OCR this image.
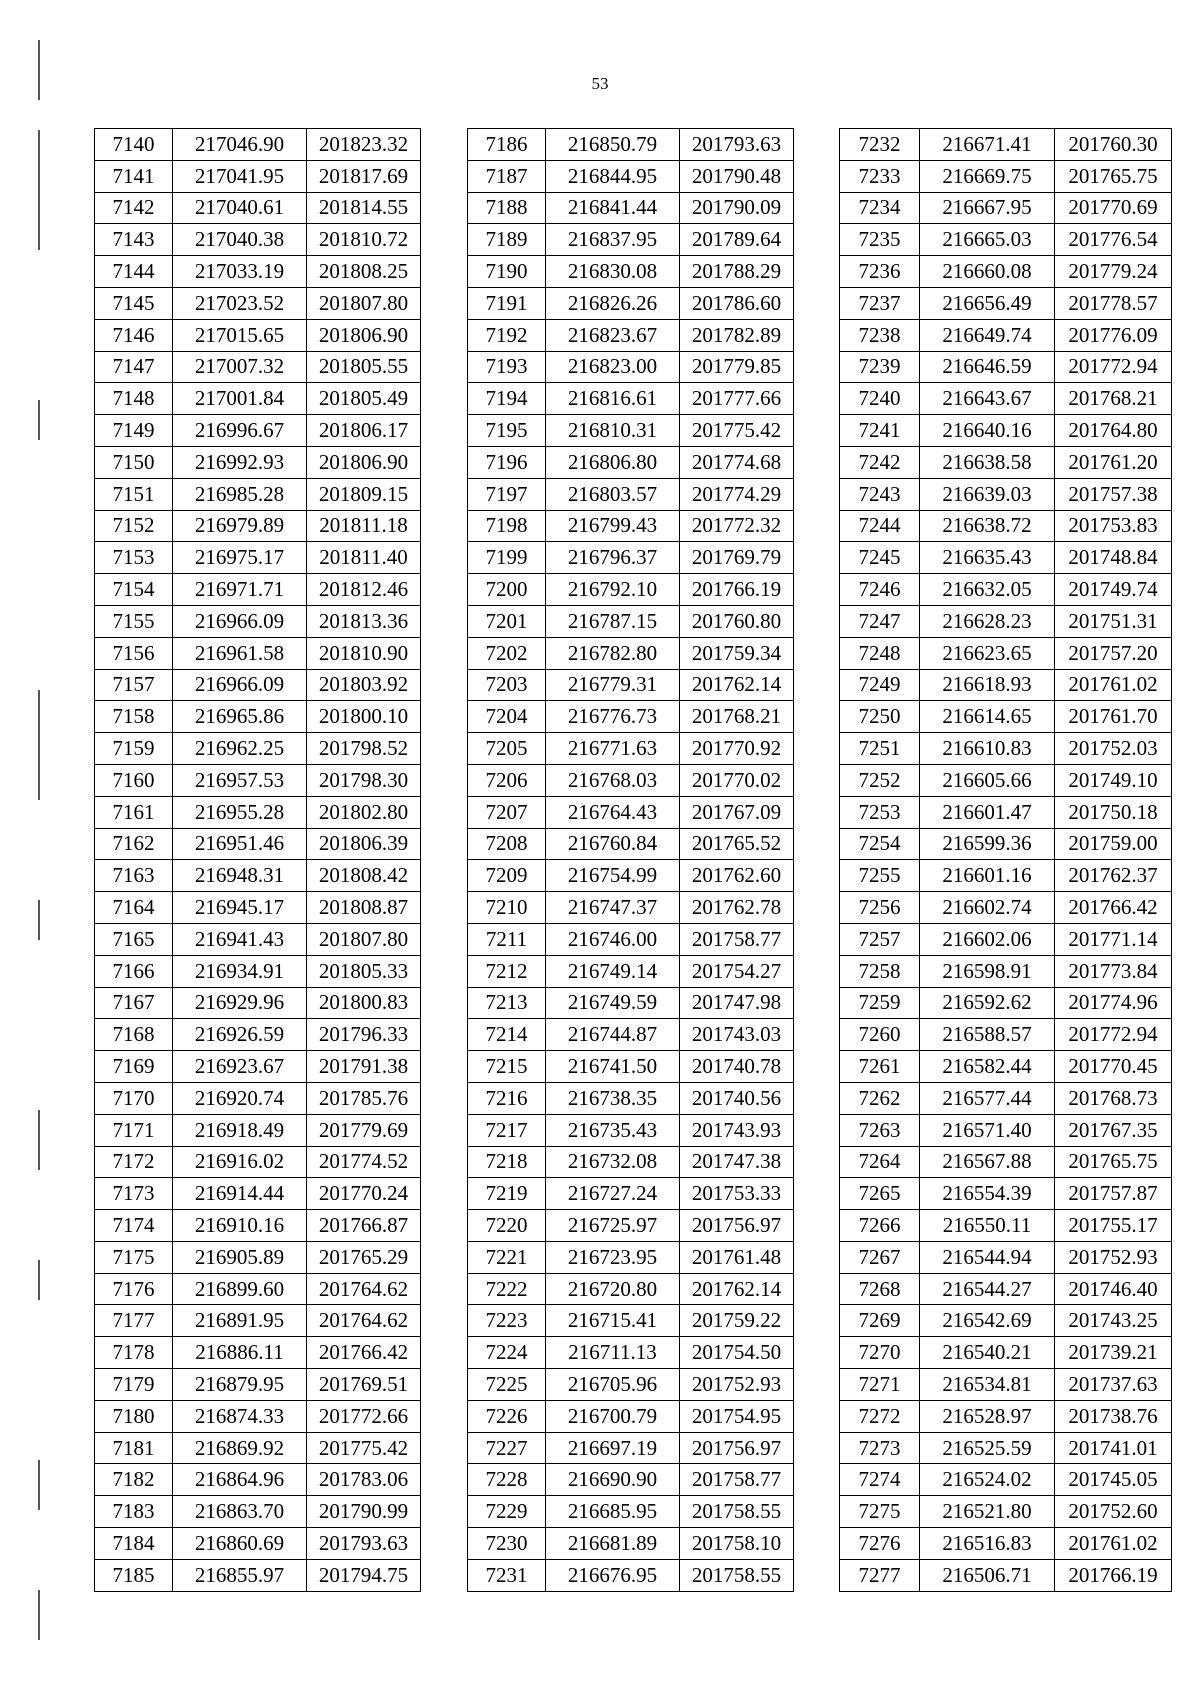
53
7140	217046.90	201823.32
7141	217041.95	201817.69
7142	217040.61	201814.55
7143	217040.38	201810.72
7144	217033.19	201808.25
7145	217023.52	201807.80
7146	217015.65	201806.90
7147	217007.32	201805.55
7148	217001.84	201805.49
7149	216996.67	201806.17
7150	216992.93	201806.90
7151	216985.28	201809.15
7152	216979.89	201811.18
7153	216975.17	201811.40
7154	216971.71	201812.46
7155	216966.09	201813.36
7156	216961.58	201810.90
7157	216966.09	201803.92
7158	216965.86	201800.10
7159	216962.25	201798.52
7160	216957.53	201798.30
7161	216955.28	201802.80
7162	216951.46	201806.39
7163	216948.31	201808.42
7164	216945.17	201808.87
7165	216941.43	201807.80
7166	216934.91	201805.33
7167	216929.96	201800.83
7168	216926.59	201796.33
7169	216923.67	201791.38
7170	216920.74	201785.76
7171	216918.49	201779.69
7172	216916.02	201774.52
7173	216914.44	201770.24
7174	216910.16	201766.87
7175	216905.89	201765.29
7176	216899.60	201764.62
7177	216891.95	201764.62
7178	216886.11	201766.42
7179	216879.95	201769.51
7180	216874.33	201772.66
7181	216869.92	201775.42
7182	216864.96	201783.06
7183	216863.70	201790.99
7184	216860.69	201793.63
7185	216855.97	201794.75
7186	216850.79	201793.63
7187	216844.95	201790.48
7188	216841.44	201790.09
7189	216837.95	201789.64
7190	216830.08	201788.29
7191	216826.26	201786.60
7192	216823.67	201782.89
7193	216823.00	201779.85
7194	216816.61	201777.66
7195	216810.31	201775.42
7196	216806.80	201774.68
7197	216803.57	201774.29
7198	216799.43	201772.32
7199	216796.37	201769.79
7200	216792.10	201766.19
7201	216787.15	201760.80
7202	216782.80	201759.34
7203	216779.31	201762.14
7204	216776.73	201768.21
7205	216771.63	201770.92
7206	216768.03	201770.02
7207	216764.43	201767.09
7208	216760.84	201765.52
7209	216754.99	201762.60
7210	216747.37	201762.78
7211	216746.00	201758.77
7212	216749.14	201754.27
7213	216749.59	201747.98
7214	216744.87	201743.03
7215	216741.50	201740.78
7216	216738.35	201740.56
7217	216735.43	201743.93
7218	216732.08	201747.38
7219	216727.24	201753.33
7220	216725.97	201756.97
7221	216723.95	201761.48
7222	216720.80	201762.14
7223	216715.41	201759.22
7224	216711.13	201754.50
7225	216705.96	201752.93
7226	216700.79	201754.95
7227	216697.19	201756.97
7228	216690.90	201758.77
7229	216685.95	201758.55
7230	216681.89	201758.10
7231	216676.95	201758.55
7232	216671.41	201760.30
7233	216669.75	201765.75
7234	216667.95	201770.69
7235	216665.03	201776.54
7236	216660.08	201779.24
7237	216656.49	201778.57
7238	216649.74	201776.09
7239	216646.59	201772.94
7240	216643.67	201768.21
7241	216640.16	201764.80
7242	216638.58	201761.20
7243	216639.03	201757.38
7244	216638.72	201753.83
7245	216635.43	201748.84
7246	216632.05	201749.74
7247	216628.23	201751.31
7248	216623.65	201757.20
7249	216618.93	201761.02
7250	216614.65	201761.70
7251	216610.83	201752.03
7252	216605.66	201749.10
7253	216601.47	201750.18
7254	216599.36	201759.00
7255	216601.16	201762.37
7256	216602.74	201766.42
7257	216602.06	201771.14
7258	216598.91	201773.84
7259	216592.62	201774.96
7260	216588.57	201772.94
7261	216582.44	201770.45
7262	216577.44	201768.73
7263	216571.40	201767.35
7264	216567.88	201765.75
7265	216554.39	201757.87
7266	216550.11	201755.17
7267	216544.94	201752.93
7268	216544.27	201746.40
7269	216542.69	201743.25
7270	216540.21	201739.21
7271	216534.81	201737.63
7272	216528.97	201738.76
7273	216525.59	201741.01
7274	216524.02	201745.05
7275	216521.80	201752.60
7276	216516.83	201761.02
7277	216506.71	201766.19
